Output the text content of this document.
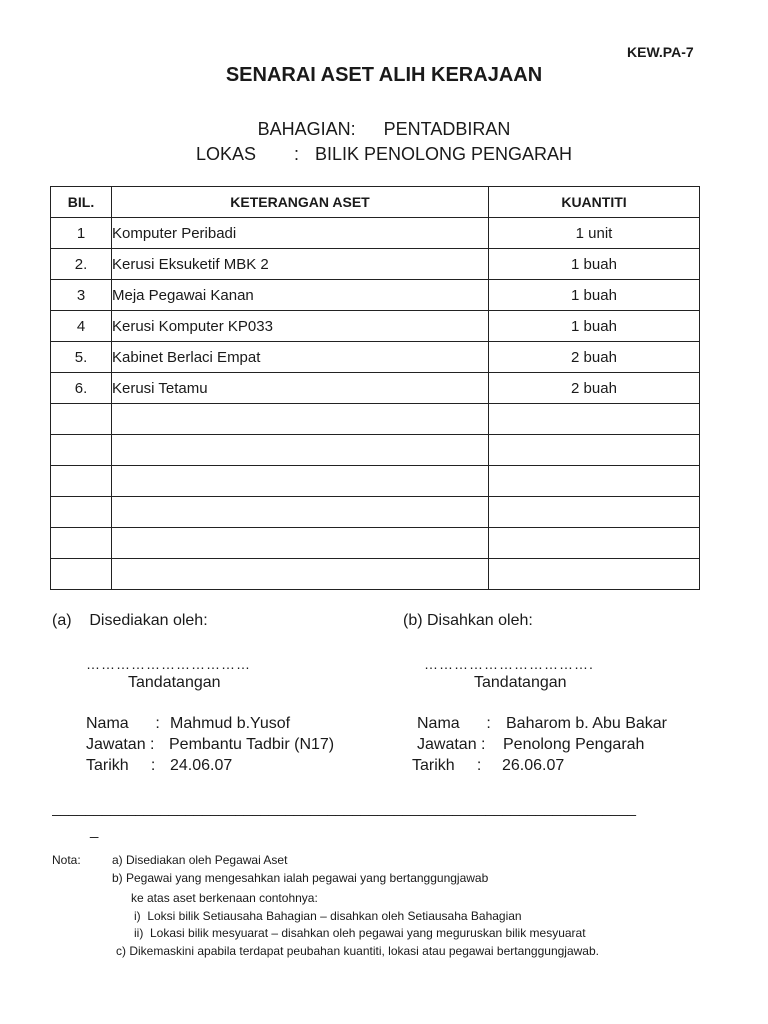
KEW.PA-7
SENARAI ASET ALIH KERAJAAN
BAHAGIAN: PENTADBIRAN
LOKAS : BILIK PENOLONG PENGARAH
BIL.	KETERANGAN ASET	KUANTITI
1	Komputer Peribadi	1 unit
2.	Kerusi Eksuketif MBK 2	1 buah
3	Meja Pegawai Kanan	1 buah
4	Kerusi Komputer KP033	1 buah
5.	Kabinet Berlaci Empat	2 buah
6.	Kerusi Tetamu	2 buah

(a)    Disediakan oleh:
……………………………
Tandatangan
Nama      : Mahmud b.Yusof
Jawatan : Pembantu Tadbir (N17)
Tarikh     : 24.06.07
(b) Disahkan oleh:
…………………………….
Tandatangan
Nama      : Baharom b. Abu Bakar
Jawatan : Penolong Pengarah
Tarikh     : 26.06.07
______________________________________________________________________
_
Nota:	a) Disediakan oleh Pegawai Aset
b) Pegawai yang mengesahkan ialah pegawai yang bertanggungjawab
ke atas aset berkenaan contohnya:
i)  Loksi bilik Setiausaha Bahagian – disahkan oleh Setiausaha Bahagian
ii)  Lokasi bilik mesyuarat – disahkan oleh pegawai yang meguruskan bilik mesyuarat
c) Dikemaskini apabila terdapat peubahan kuantiti, lokasi atau pegawai bertanggungjawab.
